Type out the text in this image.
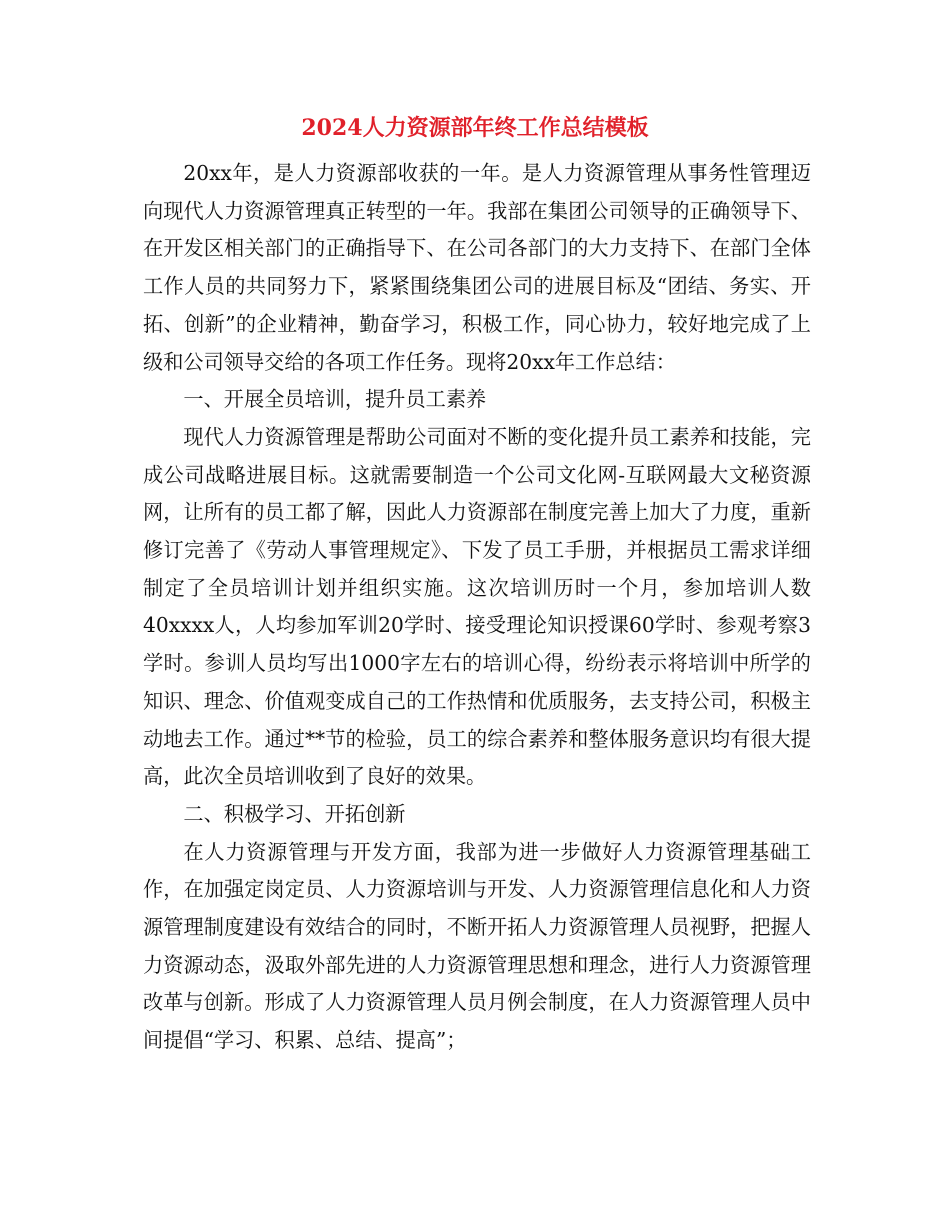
2024人力资源部年终工作总结模板

20xx年，是人力资源部收获的一年。是人力资源管理从事务性管理迈向现代人力资源管理真正转型的一年。我部在集团公司领导的正确领导下、在开发区相关部门的正确指导下、在公司各部门的大力支持下、在部门全体工作人员的共同努力下，紧紧围绕集团公司的进展目标及“团结、务实、开拓、创新”的企业精神，勤奋学习，积极工作，同心协力，较好地完成了上级和公司领导交给的各项工作任务。现将20xx年工作总结：

一、开展全员培训，提升员工素养

现代人力资源管理是帮助公司面对不断的变化提升员工素养和技能，完成公司战略进展目标。这就需要制造一个公司文化网-互联网最大文秘资源网，让所有的员工都了解，因此人力资源部在制度完善上加大了力度，重新修订完善了《劳动人事管理规定》、下发了员工手册，并根据员工需求详细制定了全员培训计划并组织实施。这次培训历时一个月，参加培训人数40xxxx人，人均参加军训20学时、接受理论知识授课60学时、参观考察3学时。参训人员均写出1000字左右的培训心得，纷纷表示将培训中所学的知识、理念、价值观变成自己的工作热情和优质服务，去支持公司，积极主动地去工作。通过**节的检验，员工的综合素养和整体服务意识均有很大提高，此次全员培训收到了良好的效果。

二、积极学习、开拓创新

在人力资源管理与开发方面，我部为进一步做好人力资源管理基础工作，在加强定岗定员、人力资源培训与开发、人力资源管理信息化和人力资源管理制度建设有效结合的同时，不断开拓人力资源管理人员视野，把握人力资源动态，汲取外部先进的人力资源管理思想和理念，进行人力资源管理改革与创新。形成了人力资源管理人员月例会制度，在人力资源管理人员中间提倡“学习、积累、总结、提高”；
